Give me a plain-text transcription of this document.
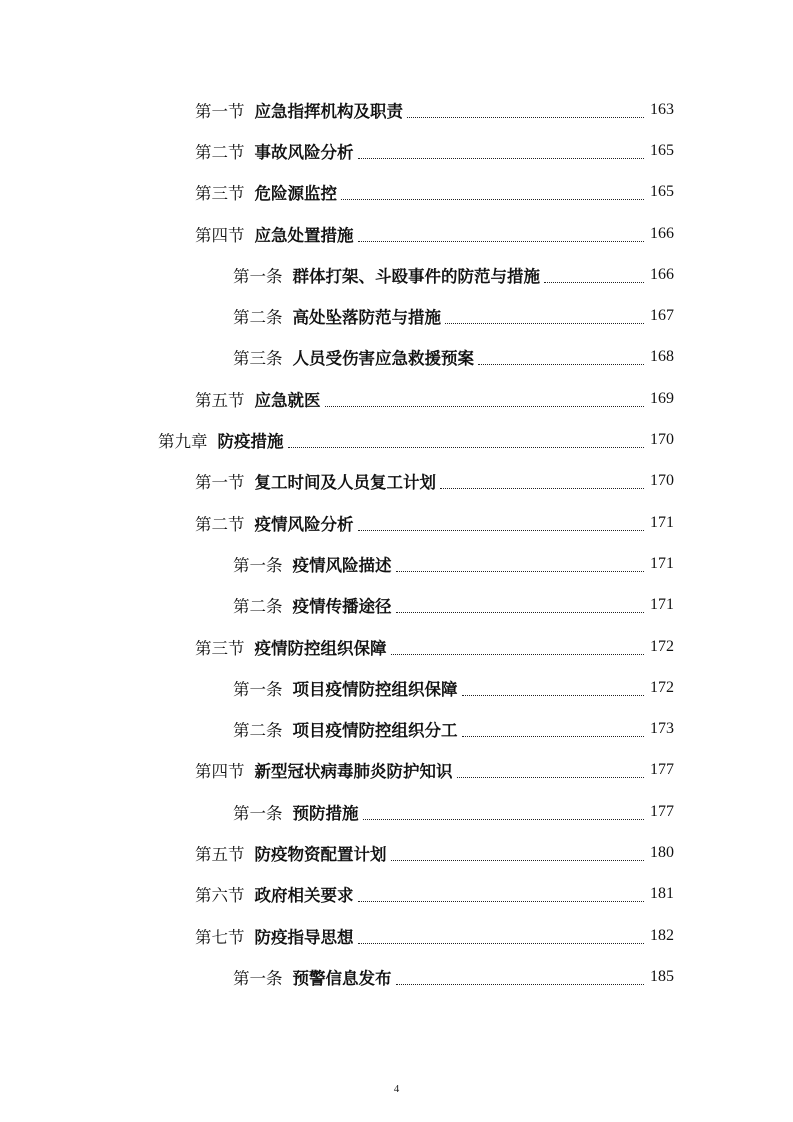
第一节 应急指挥机构及职责	163
第二节 事故风险分析	165
第三节 危险源监控	165
第四节 应急处置措施	166
第一条 群体打架、斗殴事件的防范与措施	166
第二条 高处坠落防范与措施	167
第三条 人员受伤害应急救援预案	168
第五节 应急就医	169
第九章 防疫措施	170
第一节 复工时间及人员复工计划	170
第二节 疫情风险分析	171
第一条 疫情风险描述	171
第二条 疫情传播途径	171
第三节 疫情防控组织保障	172
第一条 项目疫情防控组织保障	172
第二条 项目疫情防控组织分工	173
第四节 新型冠状病毒肺炎防护知识	177
第一条 预防措施	177
第五节 防疫物资配置计划	180
第六节 政府相关要求	181
第七节 防疫指导思想	182
第一条 预警信息发布	185
4
